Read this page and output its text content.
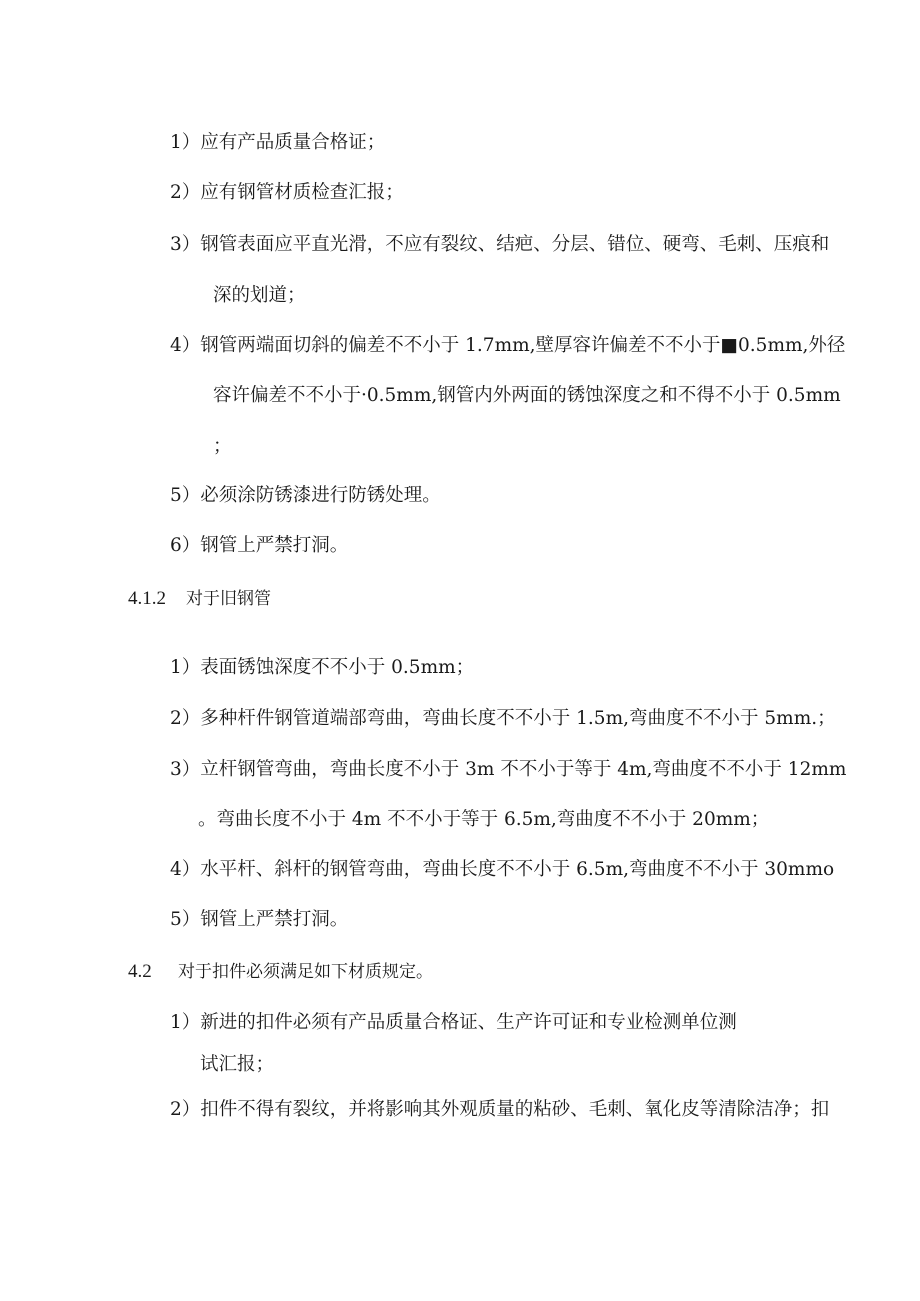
1）应有产品质量合格证；
2）应有钢管材质检查汇报；
3）钢管表面应平直光滑，不应有裂纹、结疤、分层、错位、硬弯、毛刺、压痕和
深的划道；
4）钢管两端面切斜的偏差不不小于 1.7mm,壁厚容许偏差不不小于■0.5mm,外径
容许偏差不不小于·0.5mm,钢管内外两面的锈蚀深度之和不得不小于 0.5mm
；
5）必须涂防锈漆进行防锈处理。
6）钢管上严禁打洞。
4.1.2 对于旧钢管
1）表面锈蚀深度不不小于 0.5mm；
2）多种杆件钢管道端部弯曲，弯曲长度不不小于 1.5m,弯曲度不不小于 5mm.；
3）立杆钢管弯曲，弯曲长度不小于 3m 不不小于等于 4m,弯曲度不不小于 12mm
。弯曲长度不小于 4m 不不小于等于 6.5m,弯曲度不不小于 20mm；
4）水平杆、斜杆的钢管弯曲，弯曲长度不不小于 6.5m,弯曲度不不小于 30mmo
5）钢管上严禁打洞。
4.2 对于扣件必须满足如下材质规定。
1）新进的扣件必须有产品质量合格证、生产许可证和专业检测单位测
试汇报；
2）扣件不得有裂纹，并将影响其外观质量的粘砂、毛刺、氧化皮等清除洁净；扣
